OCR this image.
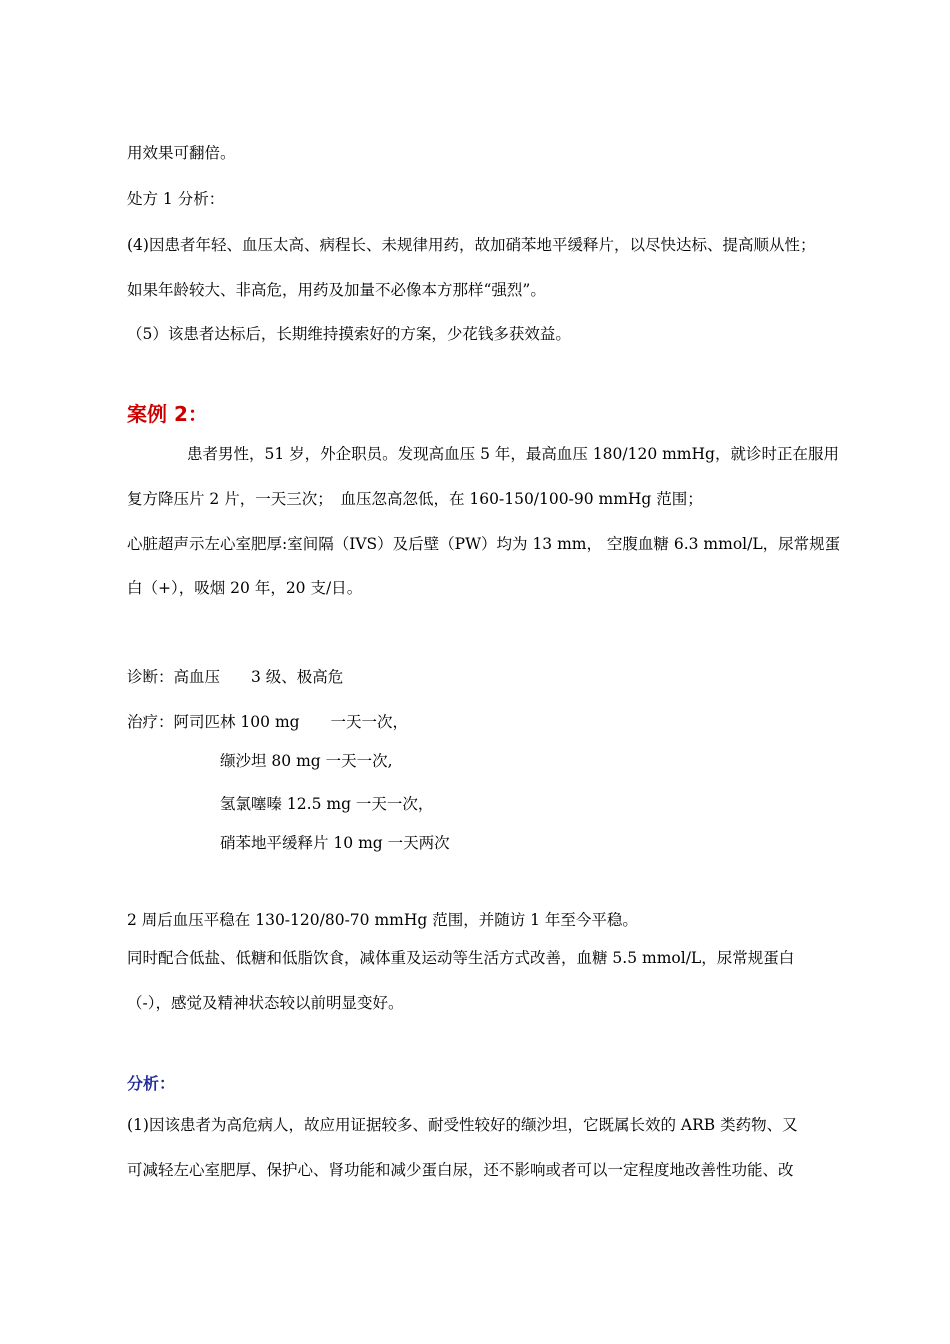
用效果可翻倍。
处方 1 分析：
(4)因患者年轻、血压太高、病程长、未规律用药，故加硝苯地平缓释片，以尽快达标、提高顺从性；
如果年龄较大、非高危，用药及加量不必像本方那样“强烈”。
（5）该患者达标后，长期维持摸索好的方案，少花钱多获效益。
案例 2：
患者男性，51 岁，外企职员。发现高血压 5 年，最高血压 180/120 mmHg，就诊时正在服用
复方降压片 2 片，一天三次；　血压忽高忽低，在 160-150/100-90 mmHg 范围；
心脏超声示左心室肥厚:室间隔（IVS）及后壁（PW）均为 13 mm， 空腹血糖 6.3 mmol/L，尿常规蛋
白（+），吸烟 20 年，20 支/日。
诊断：高血压　　3 级、极高危
治疗：阿司匹林 100 mg　　一天一次，
缬沙坦 80 mg 一天一次,
氢氯噻嗪 12.5 mg 一天一次，
硝苯地平缓释片 10 mg 一天两次
2 周后血压平稳在 130-120/80-70 mmHg 范围，并随访 1 年至今平稳。
同时配合低盐、低糖和低脂饮食，减体重及运动等生活方式改善，血糖 5.5 mmol/L，尿常规蛋白
（-），感觉及精神状态较以前明显变好。
分析：
(1)因该患者为高危病人，故应用证据较多、耐受性较好的缬沙坦，它既属长效的 ARB 类药物、又
可减轻左心室肥厚、保护心、肾功能和减少蛋白尿，还不影响或者可以一定程度地改善性功能、改
